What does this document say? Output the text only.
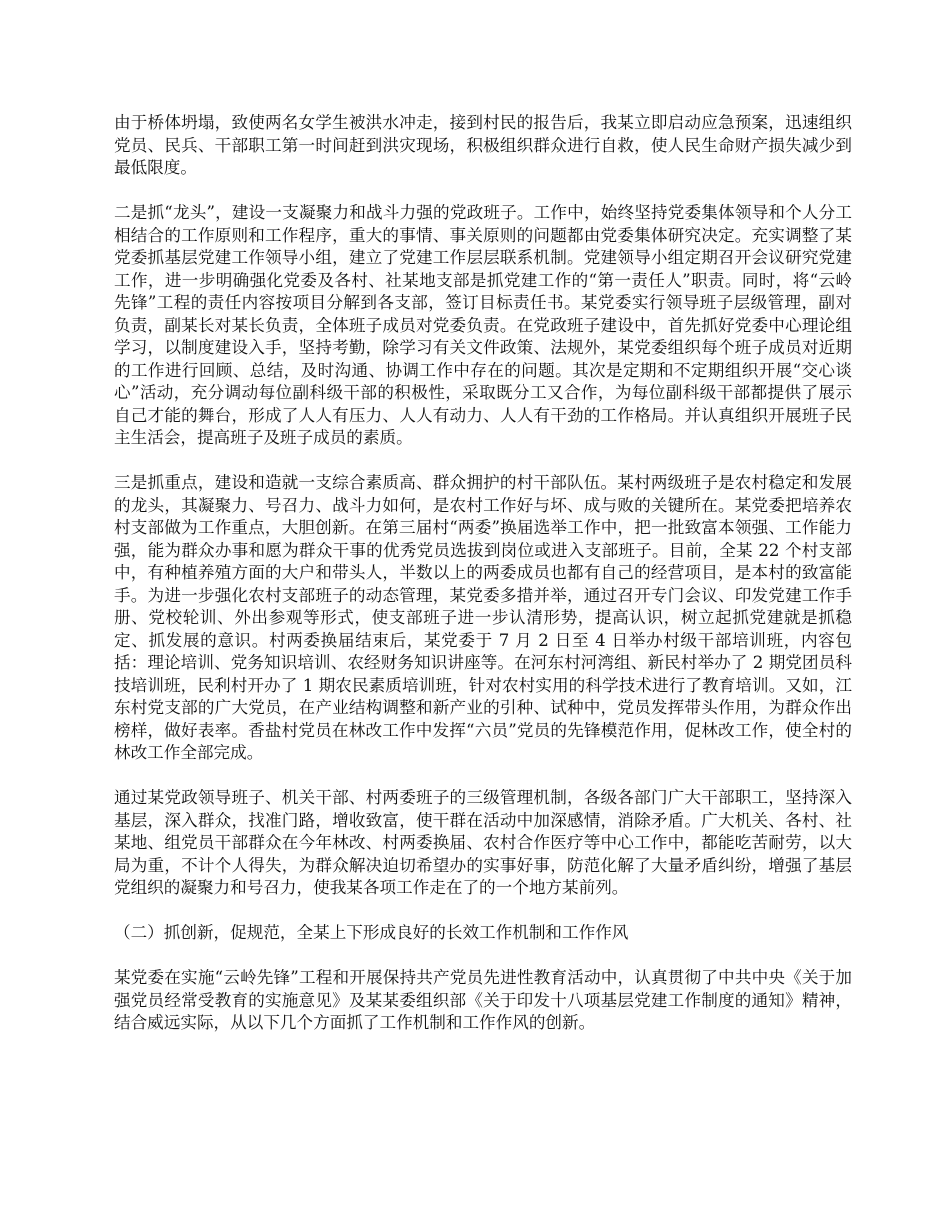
由于桥体坍塌，致使两名女学生被洪水冲走，接到村民的报告后，我某立即启动应急预案，迅速组织党员、民兵、干部职工第一时间赶到洪灾现场，积极组织群众进行自救，使人民生命财产损失减少到最低限度。

二是抓“龙头”，建设一支凝聚力和战斗力强的党政班子。工作中，始终坚持党委集体领导和个人分工相结合的工作原则和工作程序，重大的事情、事关原则的问题都由党委集体研究决定。充实调整了某党委抓基层党建工作领导小组，建立了党建工作层层联系机制。党建领导小组定期召开会议研究党建工作，进一步明确强化党委及各村、社某地支部是抓党建工作的“第一责任人”职责。同时，将“云岭先锋”工程的责任内容按项目分解到各支部，签订目标责任书。某党委实行领导班子层级管理，副对负责，副某长对某长负责，全体班子成员对党委负责。在党政班子建设中，首先抓好党委中心理论组学习，以制度建设入手，坚持考勤，除学习有关文件政策、法规外，某党委组织每个班子成员对近期的工作进行回顾、总结，及时沟通、协调工作中存在的问题。其次是定期和不定期组织开展“交心谈心”活动，充分调动每位副科级干部的积极性，采取既分工又合作，为每位副科级干部都提供了展示自己才能的舞台，形成了人人有压力、人人有动力、人人有干劲的工作格局。并认真组织开展班子民主生活会，提高班子及班子成员的素质。

三是抓重点，建设和造就一支综合素质高、群众拥护的村干部队伍。某村两级班子是农村稳定和发展的龙头，其凝聚力、号召力、战斗力如何，是农村工作好与坏、成与败的关键所在。某党委把培养农村支部做为工作重点，大胆创新。在第三届村“两委”换届选举工作中，把一批致富本领强、工作能力强，能为群众办事和愿为群众干事的优秀党员选拔到岗位或进入支部班子。目前，全某 22 个村支部中，有种植养殖方面的大户和带头人，半数以上的两委成员也都有自己的经营项目，是本村的致富能手。为进一步强化农村支部班子的动态管理，某党委多措并举，通过召开专门会议、印发党建工作手册、党校轮训、外出参观等形式，使支部班子进一步认清形势，提高认识，树立起抓党建就是抓稳定、抓发展的意识。村两委换届结束后，某党委于 7 月 2 日至 4 日举办村级干部培训班，内容包括：理论培训、党务知识培训、农经财务知识讲座等。在河东村河湾组、新民村举办了 2 期党团员科技培训班，民利村开办了 1 期农民素质培训班，针对农村实用的科学技术进行了教育培训。又如，江东村党支部的广大党员，在产业结构调整和新产业的引种、试种中，党员发挥带头作用，为群众作出榜样，做好表率。香盐村党员在林改工作中发挥“六员”党员的先锋模范作用，促林改工作，使全村的林改工作全部完成。

通过某党政领导班子、机关干部、村两委班子的三级管理机制，各级各部门广大干部职工，坚持深入基层，深入群众，找准门路，增收致富，使干群在活动中加深感情，消除矛盾。广大机关、各村、社某地、组党员干部群众在今年林改、村两委换届、农村合作医疗等中心工作中，都能吃苦耐劳，以大局为重，不计个人得失，为群众解决迫切希望办的实事好事，防范化解了大量矛盾纠纷，增强了基层党组织的凝聚力和号召力，使我某各项工作走在了的一个地方某前列。

（二）抓创新，促规范，全某上下形成良好的长效工作机制和工作作风

某党委在实施“云岭先锋”工程和开展保持共产党员先进性教育活动中，认真贯彻了中共中央《关于加强党员经常受教育的实施意见》及某某委组织部《关于印发十八项基层党建工作制度的通知》精神，结合威远实际，从以下几个方面抓了工作机制和工作作风的创新。
